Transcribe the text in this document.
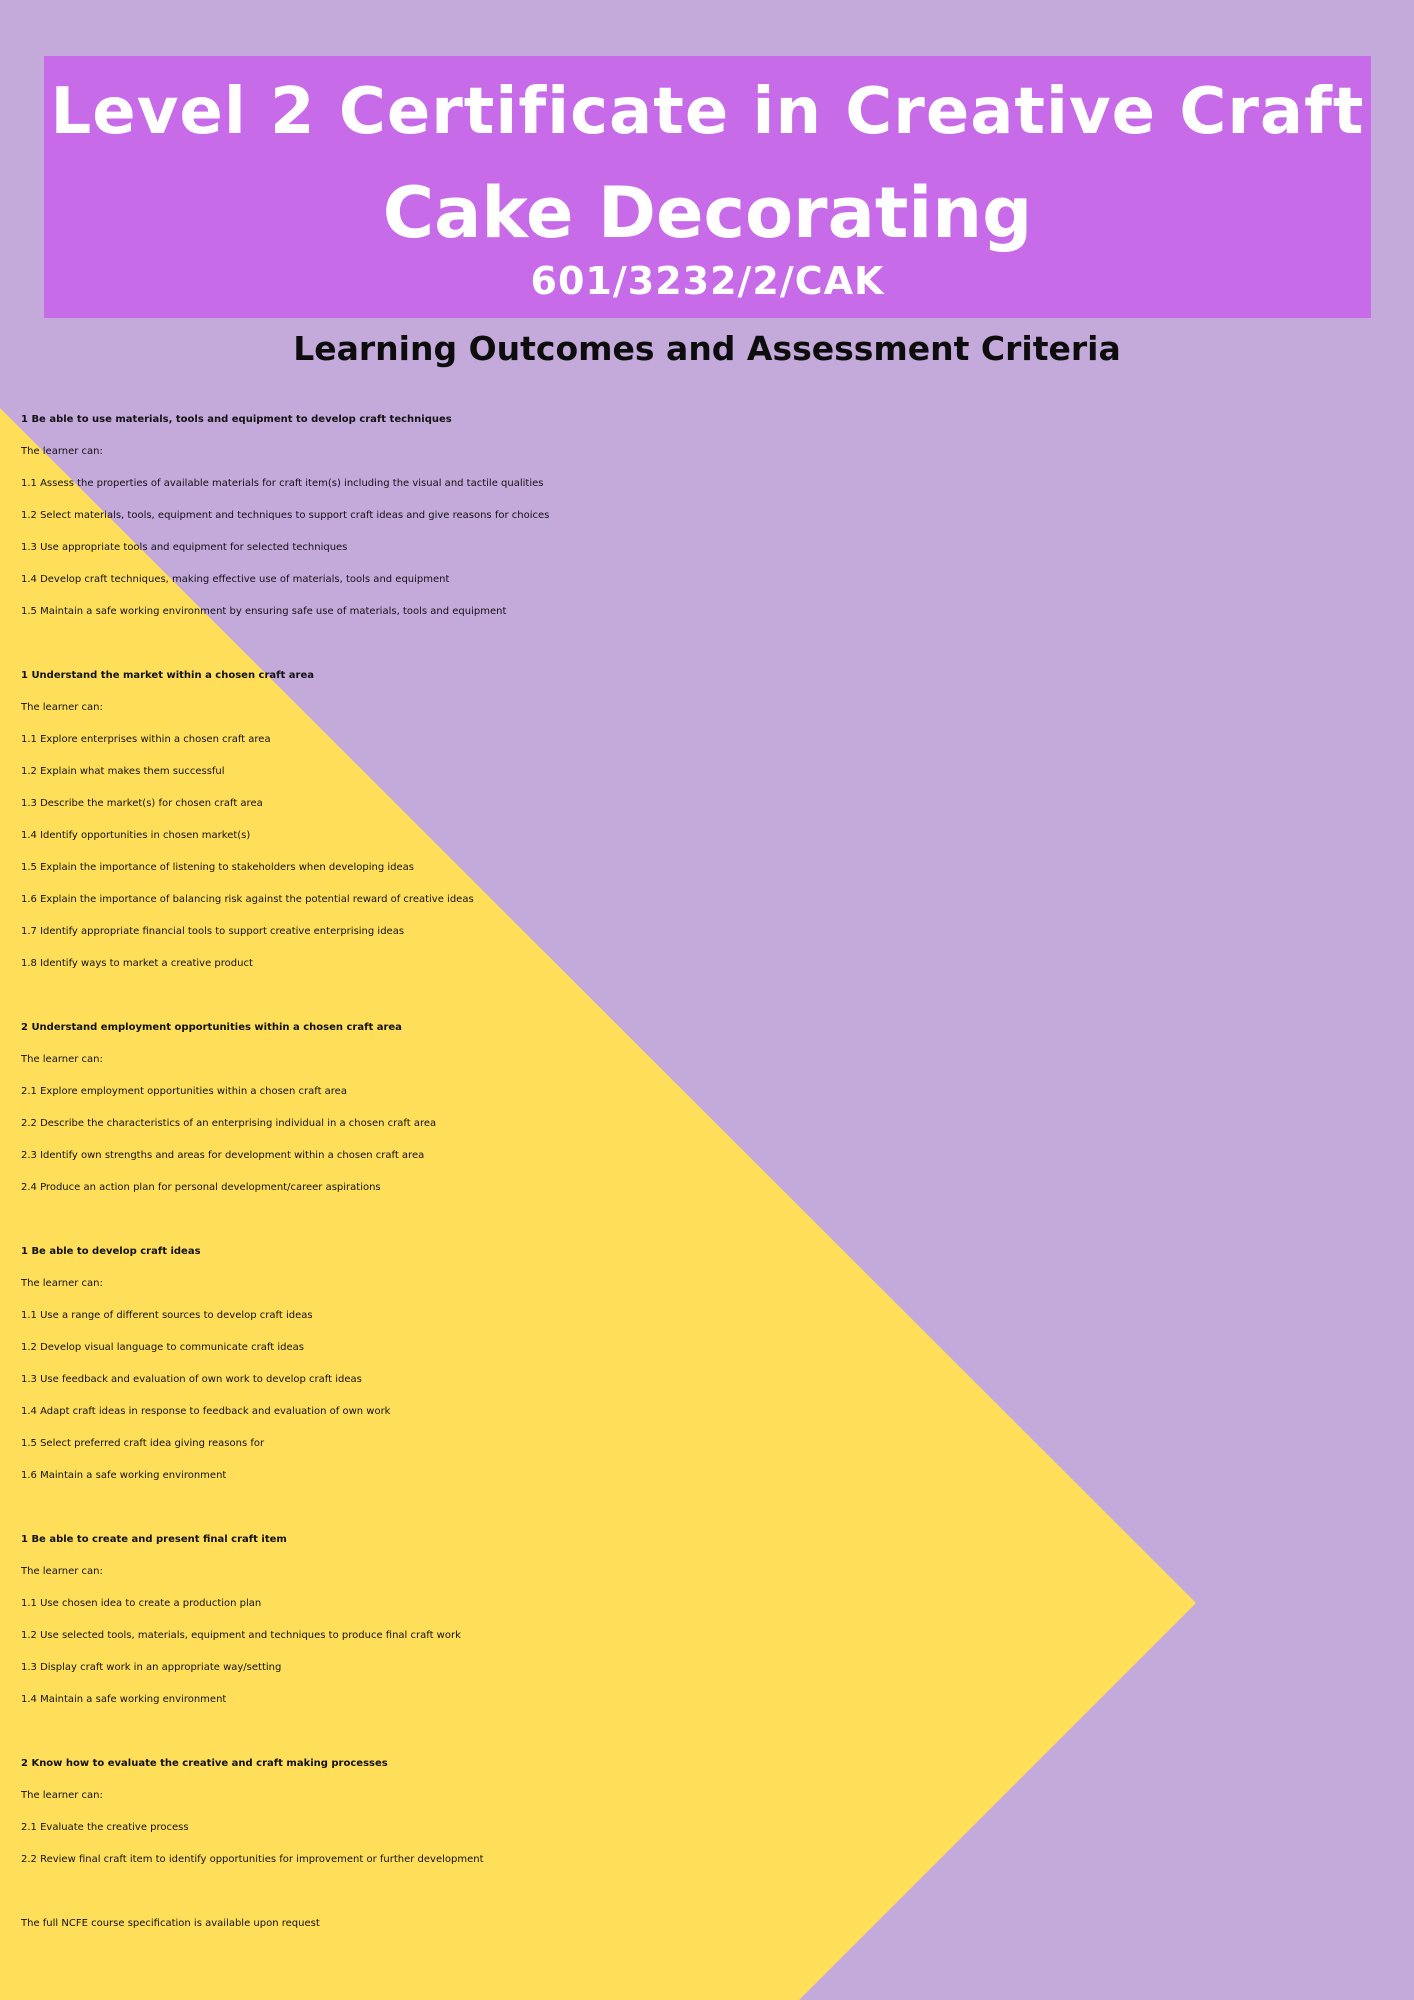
Level 2 Certificate in Creative Craft
Cake Decorating
601/3232/2/CAK
Learning Outcomes and Assessment Criteria
1 Be able to use materials, tools and equipment to develop craft techniques
The learner can:
1.1 Assess the properties of available materials for craft item(s) including the visual and tactile qualities
1.2 Select materials, tools, equipment and techniques to support craft ideas and give reasons for choices
1.3 Use appropriate tools and equipment for selected techniques
1.4 Develop craft techniques, making effective use of materials, tools and equipment
1.5 Maintain a safe working environment by ensuring safe use of materials, tools and equipment
1 Understand the market within a chosen craft area
The learner can:
1.1 Explore enterprises within a chosen craft area
1.2 Explain what makes them successful
1.3 Describe the market(s) for chosen craft area
1.4 Identify opportunities in chosen market(s)
1.5 Explain the importance of listening to stakeholders when developing ideas
1.6 Explain the importance of balancing risk against the potential reward of creative ideas
1.7 Identify appropriate financial tools to support creative enterprising ideas
1.8 Identify ways to market a creative product
2 Understand employment opportunities within a chosen craft area
The learner can:
2.1 Explore employment opportunities within a chosen craft area
2.2 Describe the characteristics of an enterprising individual in a chosen craft area
2.3 Identify own strengths and areas for development within a chosen craft area
2.4 Produce an action plan for personal development/career aspirations
1 Be able to develop craft ideas
The learner can:
1.1 Use a range of different sources to develop craft ideas
1.2 Develop visual language to communicate craft ideas
1.3 Use feedback and evaluation of own work to develop craft ideas
1.4 Adapt craft ideas in response to feedback and evaluation of own work
1.5 Select preferred craft idea giving reasons for
1.6 Maintain a safe working environment
1 Be able to create and present final craft item
The learner can:
1.1 Use chosen idea to create a production plan
1.2 Use selected tools, materials, equipment and techniques to produce final craft work
1.3 Display craft work in an appropriate way/setting
1.4 Maintain a safe working environment
2 Know how to evaluate the creative and craft making processes
The learner can:
2.1 Evaluate the creative process
2.2 Review final craft item to identify opportunities for improvement or further development
The full NCFE course specification is available upon request
